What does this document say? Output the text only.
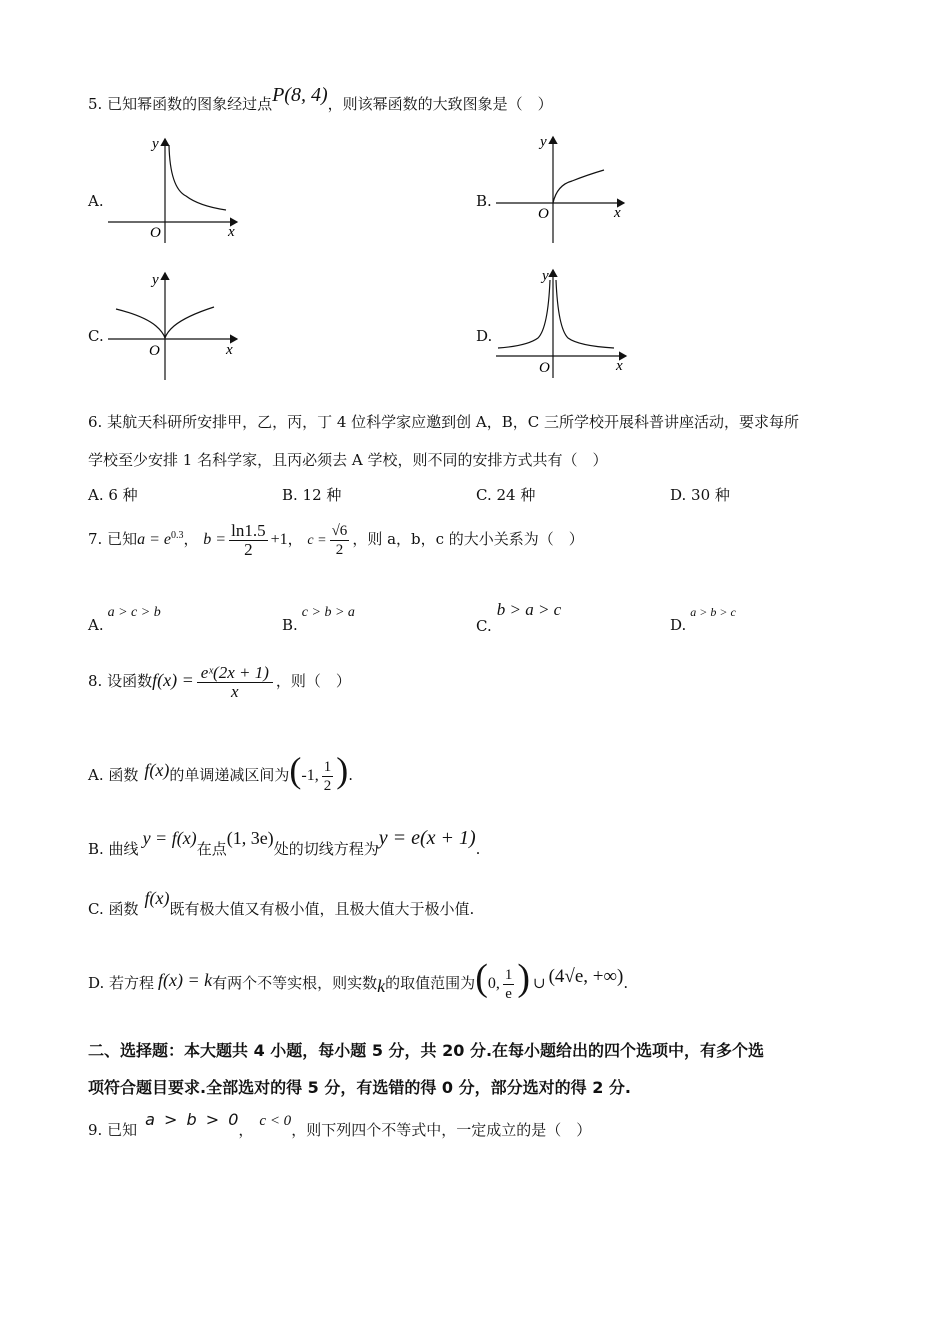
5. 已知幂函数的图象经过点P(8, 4)，则该幂函数的大致图象是（　）
A.	B.
C.	D.
y
x
O
y
x
O
y
x
O
y
x
O
6. 某航天科研所安排甲，乙，丙，丁 4 位科学家应邀到创 A，B，C 三所学校开展科普讲座活动，要求每所
学校至少安排 1 名科学家，且丙必须去 A 学校，则不同的安排方式共有（　）
A. 6 种	B. 12 种	C. 24 种	D. 30 种
7. 已知$a = e^{0.3}$， $b = \frac{\ln 1.5}{2} +1$， $c = \frac{√6}{2}$ ，则 a，b，c 的大小关系为（　）
A.a > c > b
B.c > b > a
C.b > a > c
D.a > b > c
8. 设函数$f(x) = \frac{\text{eˣ(2x + 1)}}{x}$ ，则（　）
A. 函数 f(x)的单调递减区间为(-1, $\frac{1}{2}$ ).
B. 曲线y = f(x)在点(1, 3e)处的切线方程为y = e(x + 1).
C. 函数f(x)既有极大值又有极小值，且极大值大于极小值.
D. 若方程 f(x) = k有两个不等实根，则实数k的取值范围为(0, $\frac{1}{e}$ ) ∪ (4√e, +∞).
二、选择题：本大题共 4 小题，每小题 5 分，共 20 分.在每小题给出的四个选项中，有多个选
项符合题目要求.全部选对的得 5 分，有选错的得 0 分，部分选对的得 2 分.
9. 已知a > b > 0， c < 0，则下列四个不等式中，一定成立的是（　）
